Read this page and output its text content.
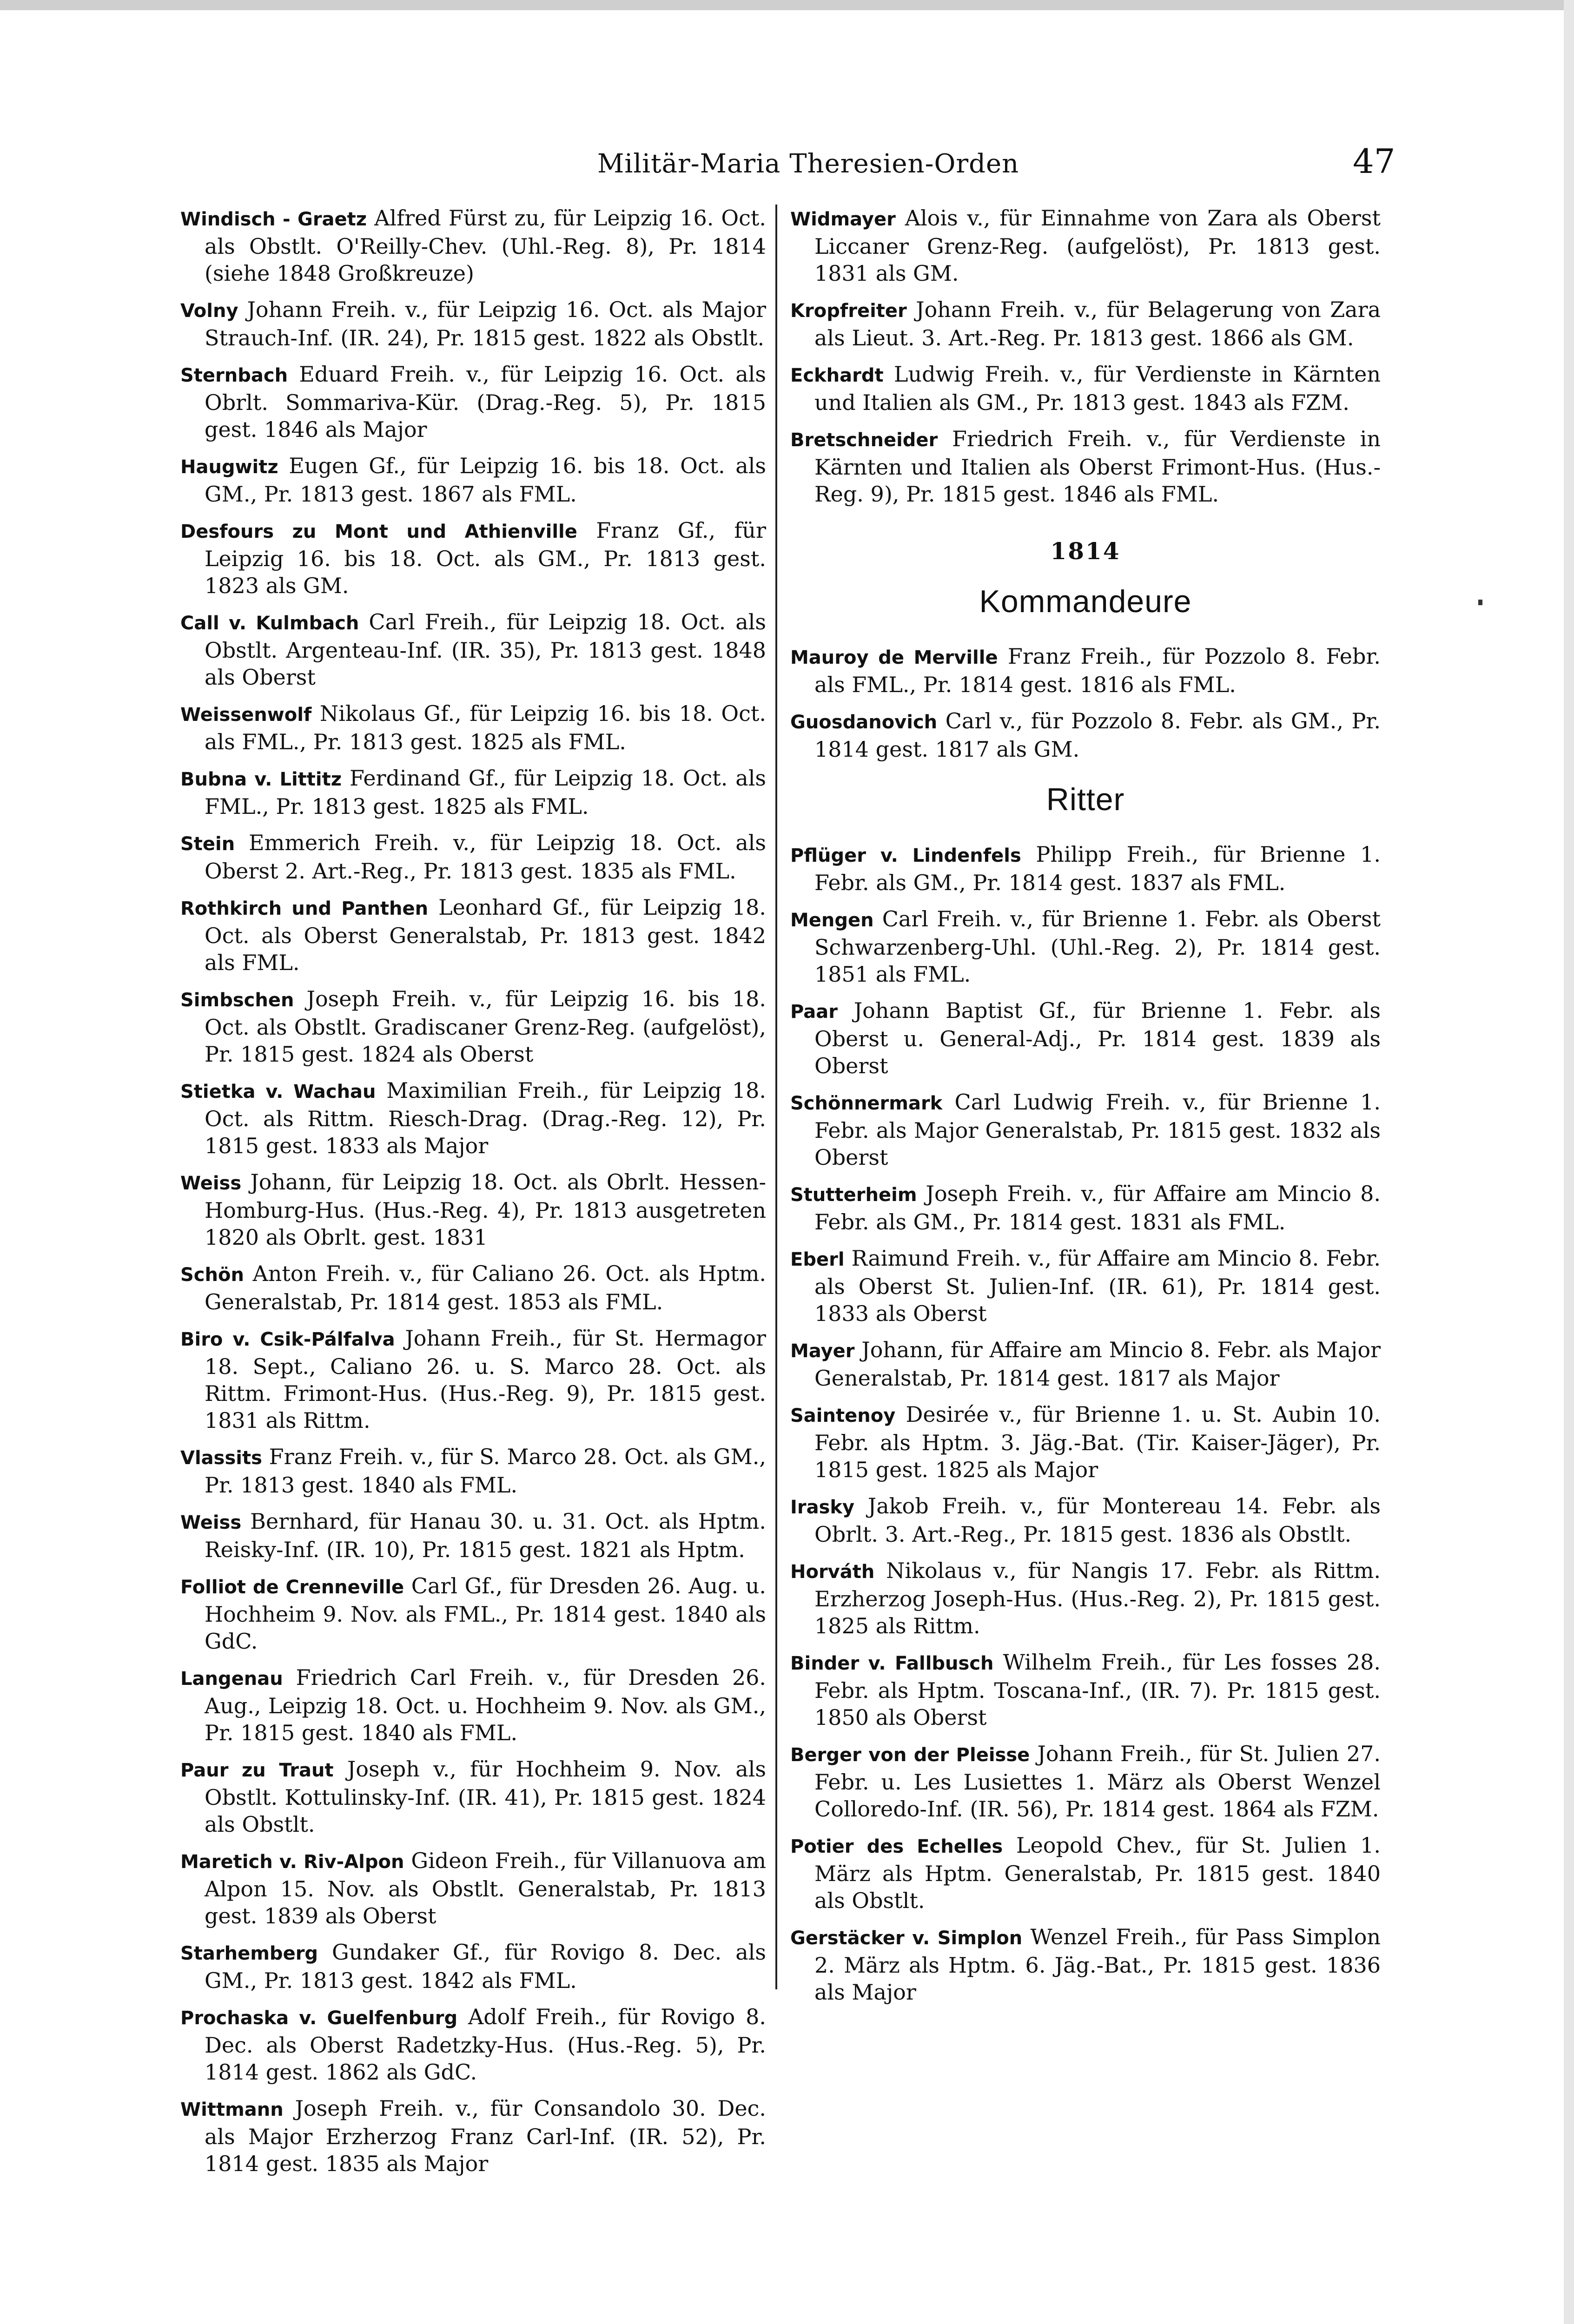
Militär-Maria Theresien-Orden	47

Windisch - Graetz Alfred Fürst zu, für Leipzig 16. Oct. als Obstlt. O'Reilly-Chev. (Uhl.-Reg. 8), Pr. 1814 (siehe 1848 Großkreuze)

Volny Johann Freih. v., für Leipzig 16. Oct. als Major Strauch-Inf. (IR. 24), Pr. 1815 gest. 1822 als Obstlt.

Sternbach Eduard Freih. v., für Leipzig 16. Oct. als Obrlt. Sommariva-Kür. (Drag.-Reg. 5), Pr. 1815 gest. 1846 als Major

Haugwitz Eugen Gf., für Leipzig 16. bis 18. Oct. als GM., Pr. 1813 gest. 1867 als FML.

Desfours zu Mont und Athienville Franz Gf., für Leipzig 16. bis 18. Oct. als GM., Pr. 1813 gest. 1823 als GM.

Call v. Kulmbach Carl Freih., für Leipzig 18. Oct. als Obstlt. Argenteau-Inf. (IR. 35), Pr. 1813 gest. 1848 als Oberst

Weissenwolf Nikolaus Gf., für Leipzig 16. bis 18. Oct. als FML., Pr. 1813 gest. 1825 als FML.

Bubna v. Littitz Ferdinand Gf., für Leipzig 18. Oct. als FML., Pr. 1813 gest. 1825 als FML.

Stein Emmerich Freih. v., für Leipzig 18. Oct. als Oberst 2. Art.-Reg., Pr. 1813 gest. 1835 als FML.

Rothkirch und Panthen Leonhard Gf., für Leipzig 18. Oct. als Oberst Generalstab, Pr. 1813 gest. 1842 als FML.

Simbschen Joseph Freih. v., für Leipzig 16. bis 18. Oct. als Obstlt. Gradiscaner Grenz-Reg. (aufgelöst), Pr. 1815 gest. 1824 als Oberst

Stietka v. Wachau Maximilian Freih., für Leipzig 18. Oct. als Rittm. Riesch-Drag. (Drag.-Reg. 12), Pr. 1815 gest. 1833 als Major

Weiss Johann, für Leipzig 18. Oct. als Obrlt. Hessen-Homburg-Hus. (Hus.-Reg. 4), Pr. 1813 ausgetreten 1820 als Obrlt. gest. 1831

Schön Anton Freih. v., für Caliano 26. Oct. als Hptm. Generalstab, Pr. 1814 gest. 1853 als FML.

Biro v. Csik-Pálfalva Johann Freih., für St. Hermagor 18. Sept., Caliano 26. u. S. Marco 28. Oct. als Rittm. Frimont-Hus. (Hus.-Reg. 9), Pr. 1815 gest. 1831 als Rittm.

Vlassits Franz Freih. v., für S. Marco 28. Oct. als GM., Pr. 1813 gest. 1840 als FML.

Weiss Bernhard, für Hanau 30. u. 31. Oct. als Hptm. Reisky-Inf. (IR. 10), Pr. 1815 gest. 1821 als Hptm.

Folliot de Crenneville Carl Gf., für Dresden 26. Aug. u. Hochheim 9. Nov. als FML., Pr. 1814 gest. 1840 als GdC.

Langenau Friedrich Carl Freih. v., für Dresden 26. Aug., Leipzig 18. Oct. u. Hochheim 9. Nov. als GM., Pr. 1815 gest. 1840 als FML.

Paur zu Traut Joseph v., für Hochheim 9. Nov. als Obstlt. Kottulinsky-Inf. (IR. 41), Pr. 1815 gest. 1824 als Obstlt.

Maretich v. Riv-Alpon Gideon Freih., für Villanuova am Alpon 15. Nov. als Obstlt. Generalstab, Pr. 1813 gest. 1839 als Oberst

Starhemberg Gundaker Gf., für Rovigo 8. Dec. als GM., Pr. 1813 gest. 1842 als FML.

Prochaska v. Guelfenburg Adolf Freih., für Rovigo 8. Dec. als Oberst Radetzky-Hus. (Hus.-Reg. 5), Pr. 1814 gest. 1862 als GdC.

Wittmann Joseph Freih. v., für Consandolo 30. Dec. als Major Erzherzog Franz Carl-Inf. (IR. 52), Pr. 1814 gest. 1835 als Major

Widmayer Alois v., für Einnahme von Zara als Oberst Liccaner Grenz-Reg. (aufgelöst), Pr. 1813 gest. 1831 als GM.

Kropfreiter Johann Freih. v., für Belagerung von Zara als Lieut. 3. Art.-Reg. Pr. 1813 gest. 1866 als GM.

Eckhardt Ludwig Freih. v., für Verdienste in Kärnten und Italien als GM., Pr. 1813 gest. 1843 als FZM.

Bretschneider Friedrich Freih. v., für Verdienste in Kärnten und Italien als Oberst Frimont-Hus. (Hus.-Reg. 9), Pr. 1815 gest. 1846 als FML.

1814
Kommandeure

Mauroy de Merville Franz Freih., für Pozzolo 8. Febr. als FML., Pr. 1814 gest. 1816 als FML.

Guosdanovich Carl v., für Pozzolo 8. Febr. als GM., Pr. 1814 gest. 1817 als GM.

Ritter

Pflüger v. Lindenfels Philipp Freih., für Brienne 1. Febr. als GM., Pr. 1814 gest. 1837 als FML.

Mengen Carl Freih. v., für Brienne 1. Febr. als Oberst Schwarzenberg-Uhl. (Uhl.-Reg. 2), Pr. 1814 gest. 1851 als FML.

Paar Johann Baptist Gf., für Brienne 1. Febr. als Oberst u. General-Adj., Pr. 1814 gest. 1839 als Oberst

Schönnermark Carl Ludwig Freih. v., für Brienne 1. Febr. als Major Generalstab, Pr. 1815 gest. 1832 als Oberst

Stutterheim Joseph Freih. v., für Affaire am Mincio 8. Febr. als GM., Pr. 1814 gest. 1831 als FML.

Eberl Raimund Freih. v., für Affaire am Mincio 8. Febr. als Oberst St. Julien-Inf. (IR. 61), Pr. 1814 gest. 1833 als Oberst

Mayer Johann, für Affaire am Mincio 8. Febr. als Major Generalstab, Pr. 1814 gest. 1817 als Major

Saintenoy Desirée v., für Brienne 1. u. St. Aubin 10. Febr. als Hptm. 3. Jäg.-Bat. (Tir. Kaiser-Jäger), Pr. 1815 gest. 1825 als Major

Irasky Jakob Freih. v., für Montereau 14. Febr. als Obrlt. 3. Art.-Reg., Pr. 1815 gest. 1836 als Obstlt.

Horváth Nikolaus v., für Nangis 17. Febr. als Rittm. Erzherzog Joseph-Hus. (Hus.-Reg. 2), Pr. 1815 gest. 1825 als Rittm.

Binder v. Fallbusch Wilhelm Freih., für Les fosses 28. Febr. als Hptm. Toscana-Inf., (IR. 7). Pr. 1815 gest. 1850 als Oberst

Berger von der Pleisse Johann Freih., für St. Julien 27. Febr. u. Les Lusiettes 1. März als Oberst Wenzel Colloredo-Inf. (IR. 56), Pr. 1814 gest. 1864 als FZM.

Potier des Echelles Leopold Chev., für St. Julien 1. März als Hptm. Generalstab, Pr. 1815 gest. 1840 als Obstlt.

Gerstäcker v. Simplon Wenzel Freih., für Pass Simplon 2. März als Hptm. 6. Jäg.-Bat., Pr. 1815 gest. 1836 als Major
